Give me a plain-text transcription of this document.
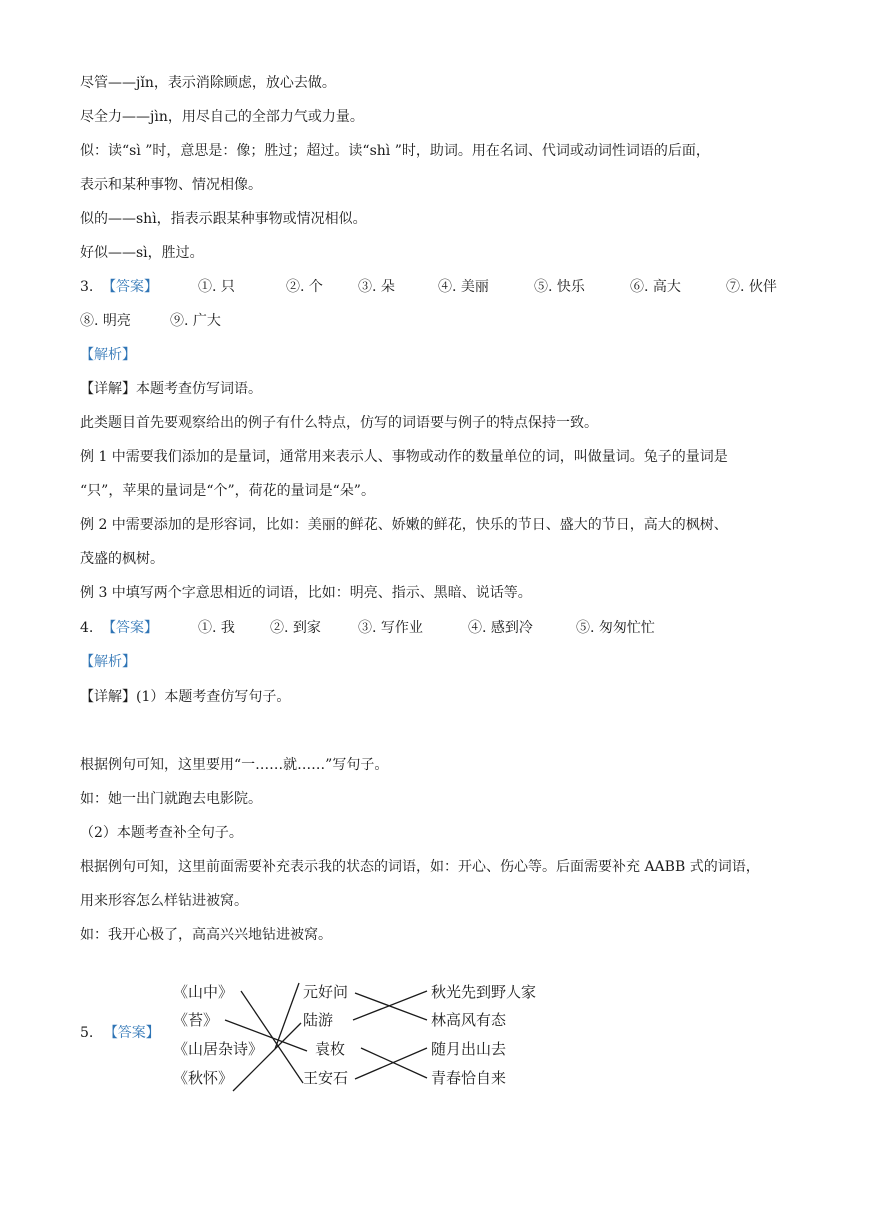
尽管——jǐn，表示消除顾虑，放心去做。
尽全力——jìn，用尽自己的全部力气或力量。
似：读“sì ”时，意思是：像；胜过；超过。读“shì ”时，助词。用在名词、代词或动词性词语的后面，
表示和某种事物、情况相像。
似的——shì，指表示跟某种事物或情况相似。
好似——sì，胜过。
3. 【答案】	①. 只	②. 个	③. 朵	④. 美丽	⑤. 快乐	⑥. 高大	⑦. 伙伴
⑧. 明亮	⑨. 广大
【解析】
【详解】本题考查仿写词语。
此类题目首先要观察给出的例子有什么特点，仿写的词语要与例子的特点保持一致。
例 1 中需要我们添加的是量词，通常用来表示人、事物或动作的数量单位的词，叫做量词。兔子的量词是
“只”，苹果的量词是“个”，荷花的量词是“朵”。
例 2 中需要添加的是形容词，比如：美丽的鲜花、娇嫩的鲜花，快乐的节日、盛大的节日，高大的枫树、
茂盛的枫树。
例 3 中填写两个字意思相近的词语，比如：明亮、指示、黑暗、说话等。
4. 【答案】	①. 我	②. 到家	③. 写作业	④. 感到冷	⑤. 匆匆忙忙
【解析】
【详解】(1）本题考查仿写句子。
根据例句可知，这里要用“一……就……”写句子。
如：她一出门就跑去电影院。
（2）本题考查补全句子。
根据例句可知，这里前面需要补充表示我的状态的词语，如：开心、伤心等。后面需要补充 AABB 式的词语，
用来形容怎么样钻进被窝。
如：我开心极了，高高兴兴地钻进被窝。
5. 【答案】
《山中》
《苔》
《山居杂诗》
《秋怀》
元好问
陆游
袁枚
王安石
秋光先到野人家
林高风有态
随月出山去
青春恰自来
